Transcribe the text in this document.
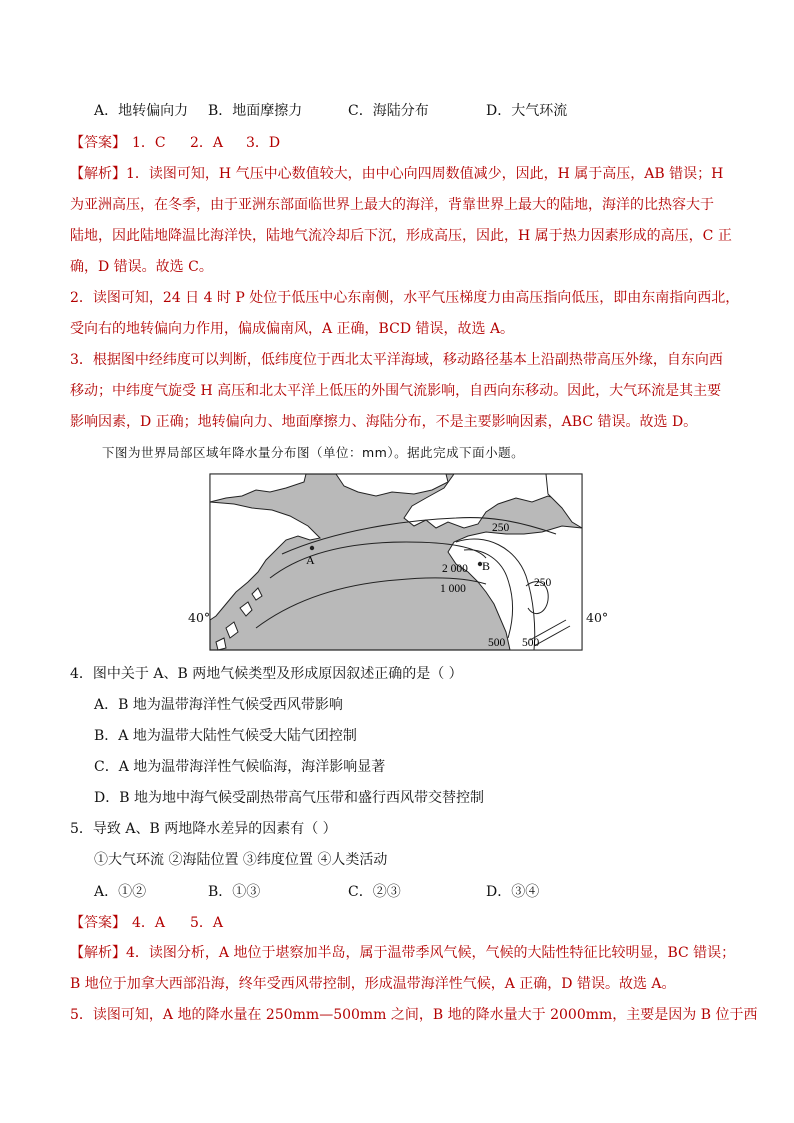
A．地转偏向力 B．地面摩擦力	C．海陆分布	D．大气环流
【答案】 1．C 2．A 3．D
【解析】1．读图可知，H 气压中心数值较大，由中心向四周数值减少，因此，H 属于高压，AB 错误；H
为亚洲高压，在冬季，由于亚洲东部面临世界上最大的海洋，背靠世界上最大的陆地，海洋的比热容大于
陆地，因此陆地降温比海洋快，陆地气流冷却后下沉，形成高压，因此，H 属于热力因素形成的高压，C 正
确，D 错误。故选 C。
2．读图可知，24 日 4 时 P 处位于低压中心东南侧，水平气压梯度力由高压指向低压，即由东南指向西北，
受向右的地转偏向力作用，偏成偏南风，A 正确，BCD 错误，故选 A。
3．根据图中经纬度可以判断，低纬度位于西北太平洋海域，移动路径基本上沿副热带高压外缘，自东向西
移动；中纬度气旋受 H 高压和北太平洋上低压的外围气流影响，自西向东移动。因此，大气环流是其主要
影响因素，D 正确；地转偏向力、地面摩擦力、海陆分布，不是主要影响因素，ABC 错误。故选 D。
下图为世界局部区域年降水量分布图（单位：mm）。据此完成下面小题。
A	B
250
2 000
1 000	250
500 500
40°	40°
4．图中关于 A、B 两地气候类型及形成原因叙述正确的是（ ）
A．B 地为温带海洋性气候受西风带影响
B．A 地为温带大陆性气候受大陆气团控制
C．A 地为温带海洋性气候临海，海洋影响显著
D．B 地为地中海气候受副热带高气压带和盛行西风带交替控制
5．导致 A、B 两地降水差异的因素有（ ）
①大气环流 ②海陆位置 ③纬度位置 ④人类活动
A．①②	B．①③	C．②③	D．③④
【答案】 4．A 5．A
【解析】4．读图分析，A 地位于堪察加半岛，属于温带季风气候，气候的大陆性特征比较明显，BC 错误；
B 地位于加拿大西部沿海，终年受西风带控制，形成温带海洋性气候，A 正确，D 错误。故选 A。
5．读图可知，A 地的降水量在 250mm—500mm 之间，B 地的降水量大于 2000mm，主要是因为 B 位于西
